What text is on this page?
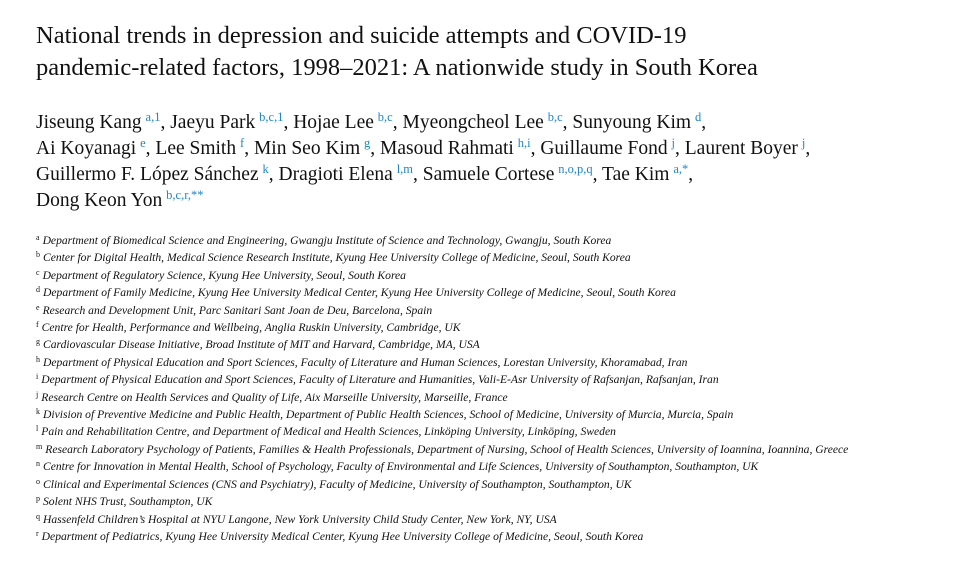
National trends in depression and suicide attempts and COVID-19
pandemic-related factors, 1998–2021: A nationwide study in South Korea
Jiseung Kang  $^{a,1}$, Jaeyu Park  $^{b,c,1}$, Hojae Lee  $^{b,c}$, Myeongcheol Lee  $^{b,c}$, Sunyoung Kim  $^d$,
Ai Koyanagi  $^e$, Lee Smith  $^f$, Min Seo Kim  $^g$, Masoud Rahmati  $^{h,i}$, Guillaume Fond  $^j$, Laurent Boyer  $^j$,
Guillermo F. López Sánchez  $^k$, Dragioti Elena  $^{l,m}$, Samuele Cortese  $^{n,o,p,q}$, Tae Kim  $^{a,*}$,
Dong Keon Yon  $^{b,c,r,**}$
$^a$ Department of Biomedical Science and Engineering, Gwangju Institute of Science and Technology, Gwangju, South Korea
$^b$ Center for Digital Health, Medical Science Research Institute, Kyung Hee University College of Medicine, Seoul, South Korea
$^c$ Department of Regulatory Science, Kyung Hee University, Seoul, South Korea
$^d$ Department of Family Medicine, Kyung Hee University Medical Center, Kyung Hee University College of Medicine, Seoul, South Korea
$^e$ Research and Development Unit, Parc Sanitari Sant Joan de Deu, Barcelona, Spain
$^f$ Centre for Health, Performance and Wellbeing, Anglia Ruskin University, Cambridge, UK
$^g$ Cardiovascular Disease Initiative, Broad Institute of MIT and Harvard, Cambridge, MA, USA
$^h$ Department of Physical Education and Sport Sciences, Faculty of Literature and Human Sciences, Lorestan University, Khoramabad, Iran
$^i$ Department of Physical Education and Sport Sciences, Faculty of Literature and Humanities, Vali-E-Asr University of Rafsanjan, Rafsanjan, Iran
$^j$ Research Centre on Health Services and Quality of Life, Aix Marseille University, Marseille, France
$^k$ Division of Preventive Medicine and Public Health, Department of Public Health Sciences, School of Medicine, University of Murcia, Murcia, Spain
$^l$ Pain and Rehabilitation Centre, and Department of Medical and Health Sciences, Linköping University, Linköping, Sweden
$^m$ Research Laboratory Psychology of Patients, Families & Health Professionals, Department of Nursing, School of Health Sciences, University of Ioannina, Ioannina, Greece
$^n$ Centre for Innovation in Mental Health, School of Psychology, Faculty of Environmental and Life Sciences, University of Southampton, Southampton, UK
$^o$ Clinical and Experimental Sciences (CNS and Psychiatry), Faculty of Medicine, University of Southampton, Southampton, UK
$^p$ Solent NHS Trust, Southampton, UK
$^q$ Hassenfeld Children’s Hospital at NYU Langone, New York University Child Study Center, New York, NY, USA
$^r$ Department of Pediatrics, Kyung Hee University Medical Center, Kyung Hee University College of Medicine, Seoul, South Korea
